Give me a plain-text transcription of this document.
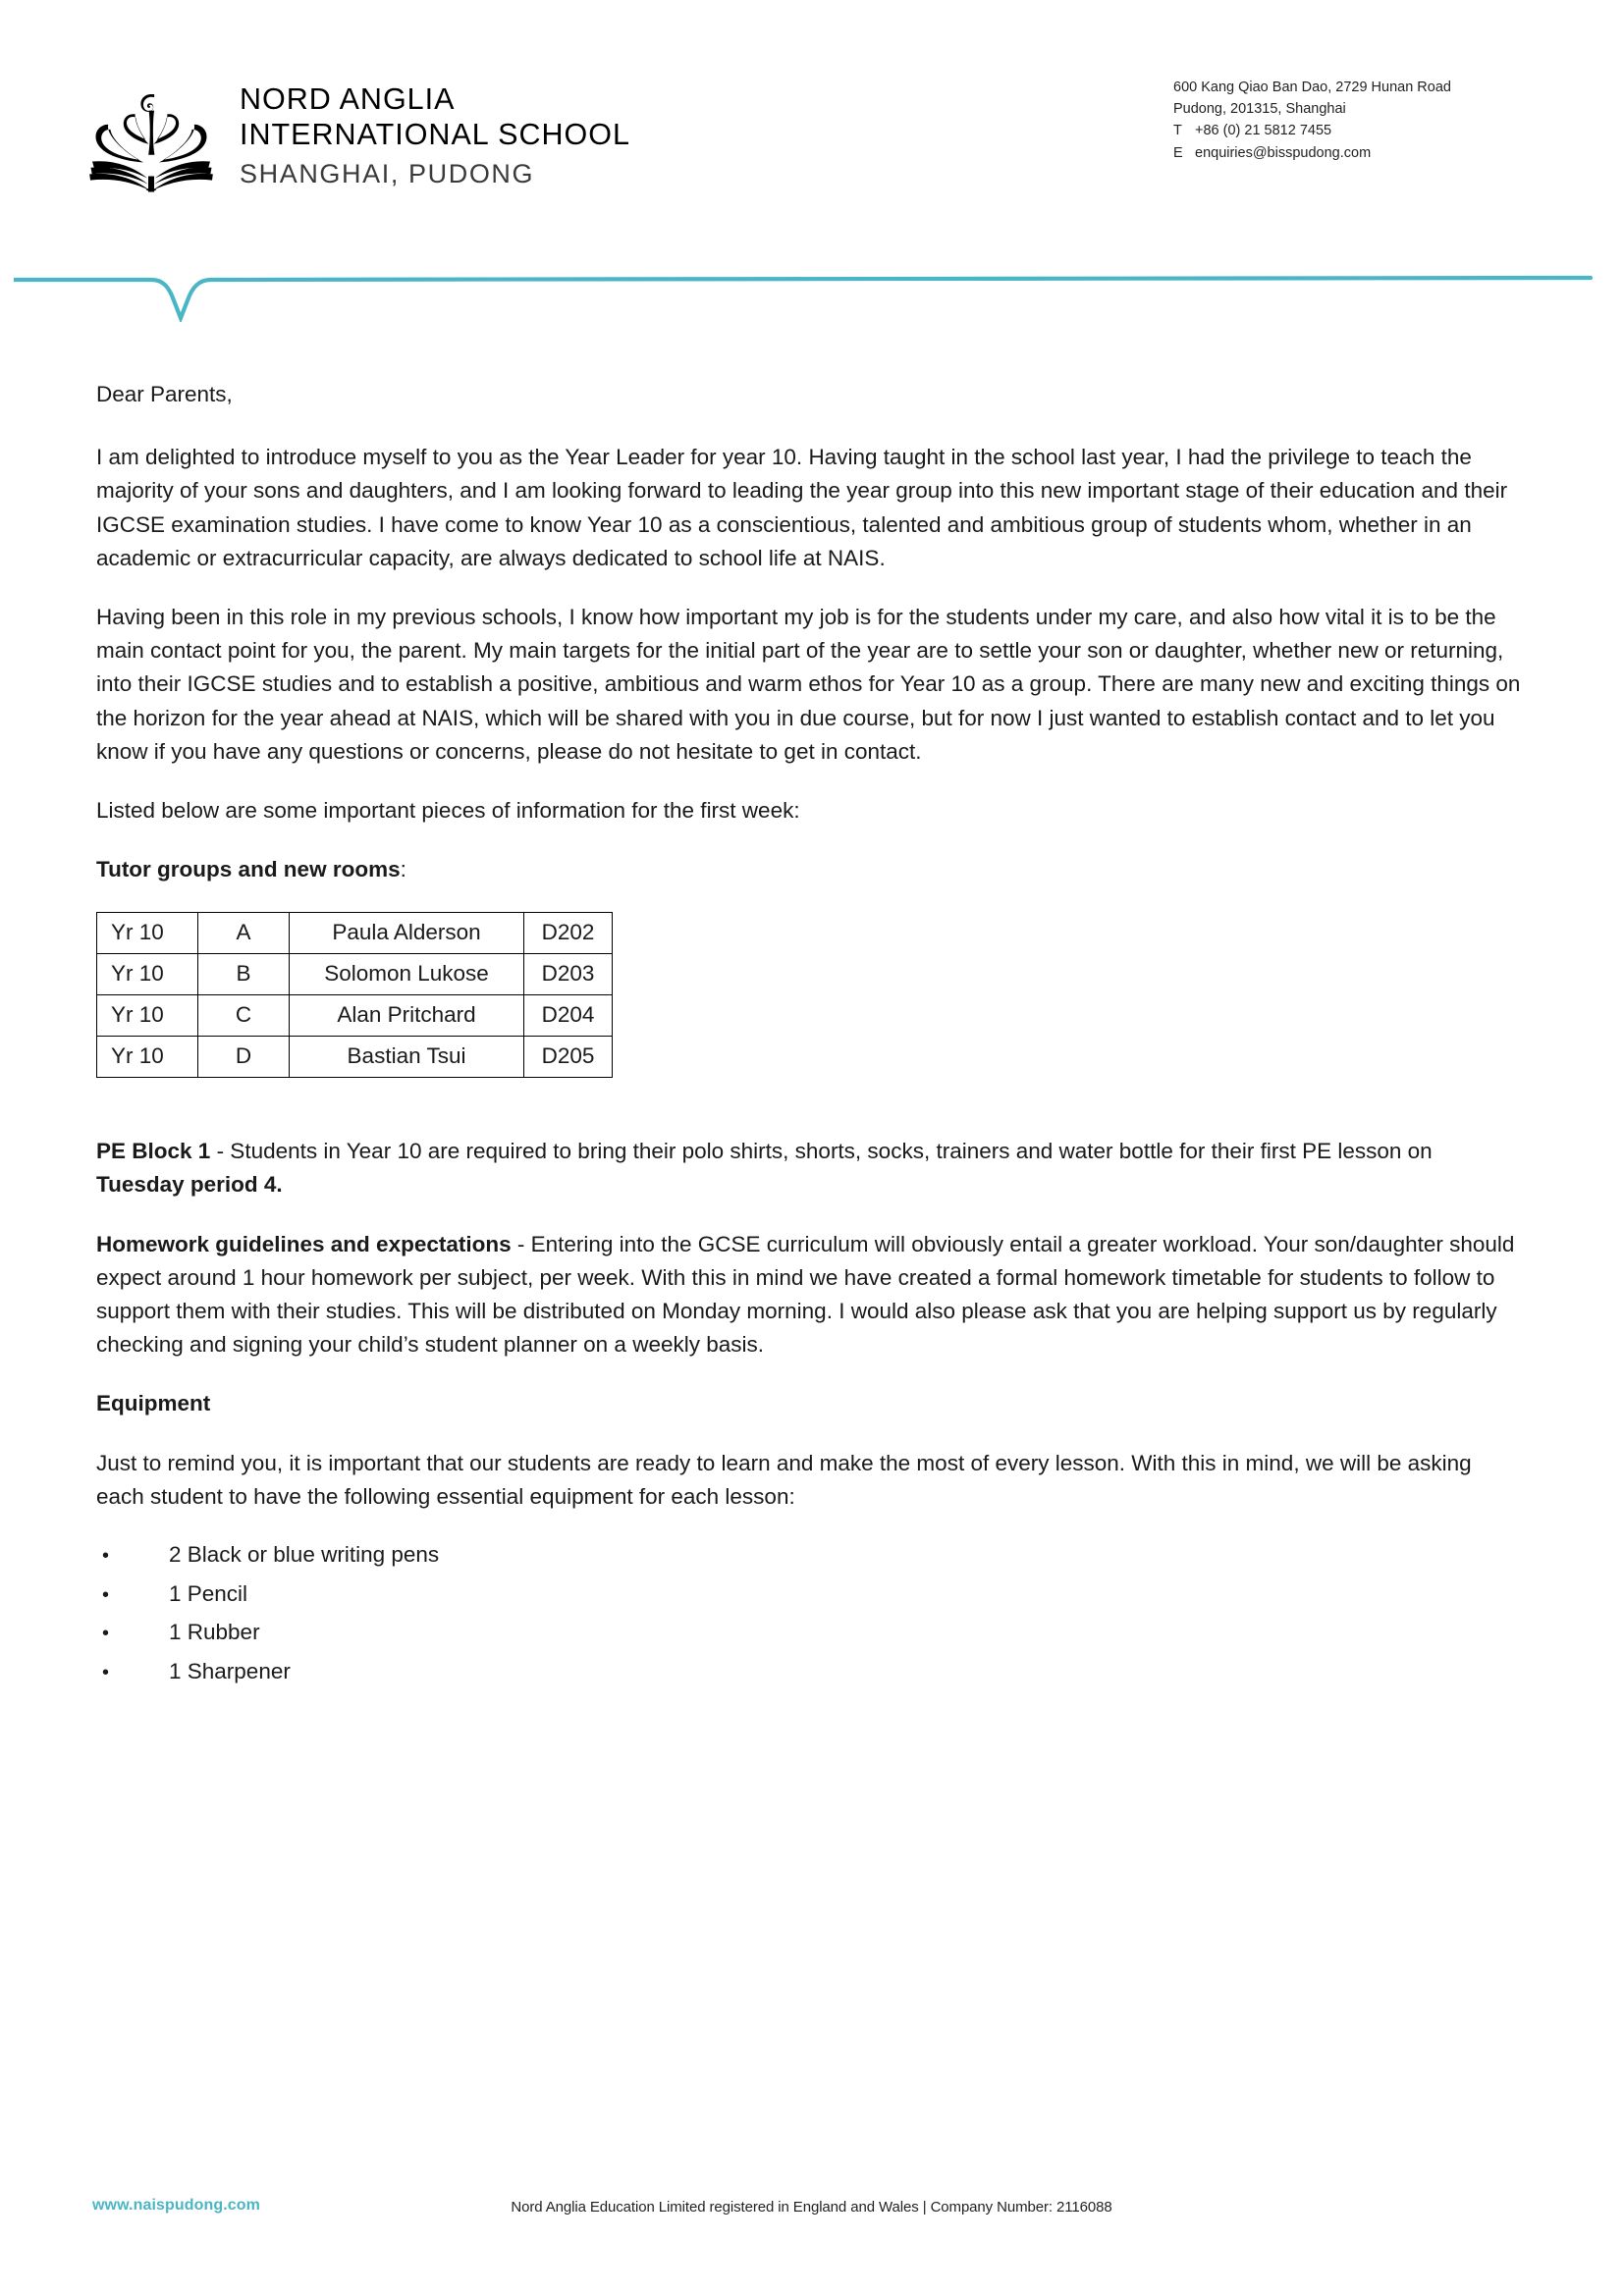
NORD ANGLIA
INTERNATIONAL SCHOOL
SHANGHAI, PUDONG
600 Kang Qiao Ban Dao, 2729 Hunan Road
Pudong, 201315, Shanghai
T +86 (0) 21 5812 7455
E enquiries@bisspudong.com

Dear Parents,

I am delighted to introduce myself to you as the Year Leader for year 10. Having taught in the school last year, I had the privilege to teach the majority of your sons and daughters, and I am looking forward to leading the year group into this new important stage of their education and their IGCSE examination studies. I have come to know Year 10 as a conscientious, talented and ambitious group of students whom, whether in an academic or extracurricular capacity, are always dedicated to school life at NAIS.

Having been in this role in my previous schools, I know how important my job is for the students under my care, and also how vital it is to be the main contact point for you, the parent. My main targets for the initial part of the year are to settle your son or daughter, whether new or returning, into their IGCSE studies and to establish a positive, ambitious and warm ethos for Year 10 as a group. There are many new and exciting things on the horizon for the year ahead at NAIS, which will be shared with you in due course, but for now I just wanted to establish contact and to let you know if you have any questions or concerns, please do not hesitate to get in contact.

Listed below are some important pieces of information for the first week:

Tutor groups and new rooms:

Yr 10	A	Paula Alderson	D202
Yr 10	B	Solomon Lukose	D203
Yr 10	C	Alan Pritchard	D204
Yr 10	D	Bastian Tsui	D205

PE Block 1 - Students in Year 10 are required to bring their polo shirts, shorts, socks, trainers and water bottle for their first PE lesson on Tuesday period 4.

Homework guidelines and expectations - Entering into the GCSE curriculum will obviously entail a greater workload. Your son/daughter should expect around 1 hour homework per subject, per week. With this in mind we have created a formal homework timetable for students to follow to support them with their studies. This will be distributed on Monday morning. I would also please ask that you are helping support us by regularly checking and signing your child’s student planner on a weekly basis.

Equipment

Just to remind you, it is important that our students are ready to learn and make the most of every lesson. With this in mind, we will be asking each student to have the following essential equipment for each lesson:

•	2 Black or blue writing pens
•	1 Pencil
•	1 Rubber
•	1 Sharpener
www.naispudong.com	Nord Anglia Education Limited registered in England and Wales | Company Number: 2116088
